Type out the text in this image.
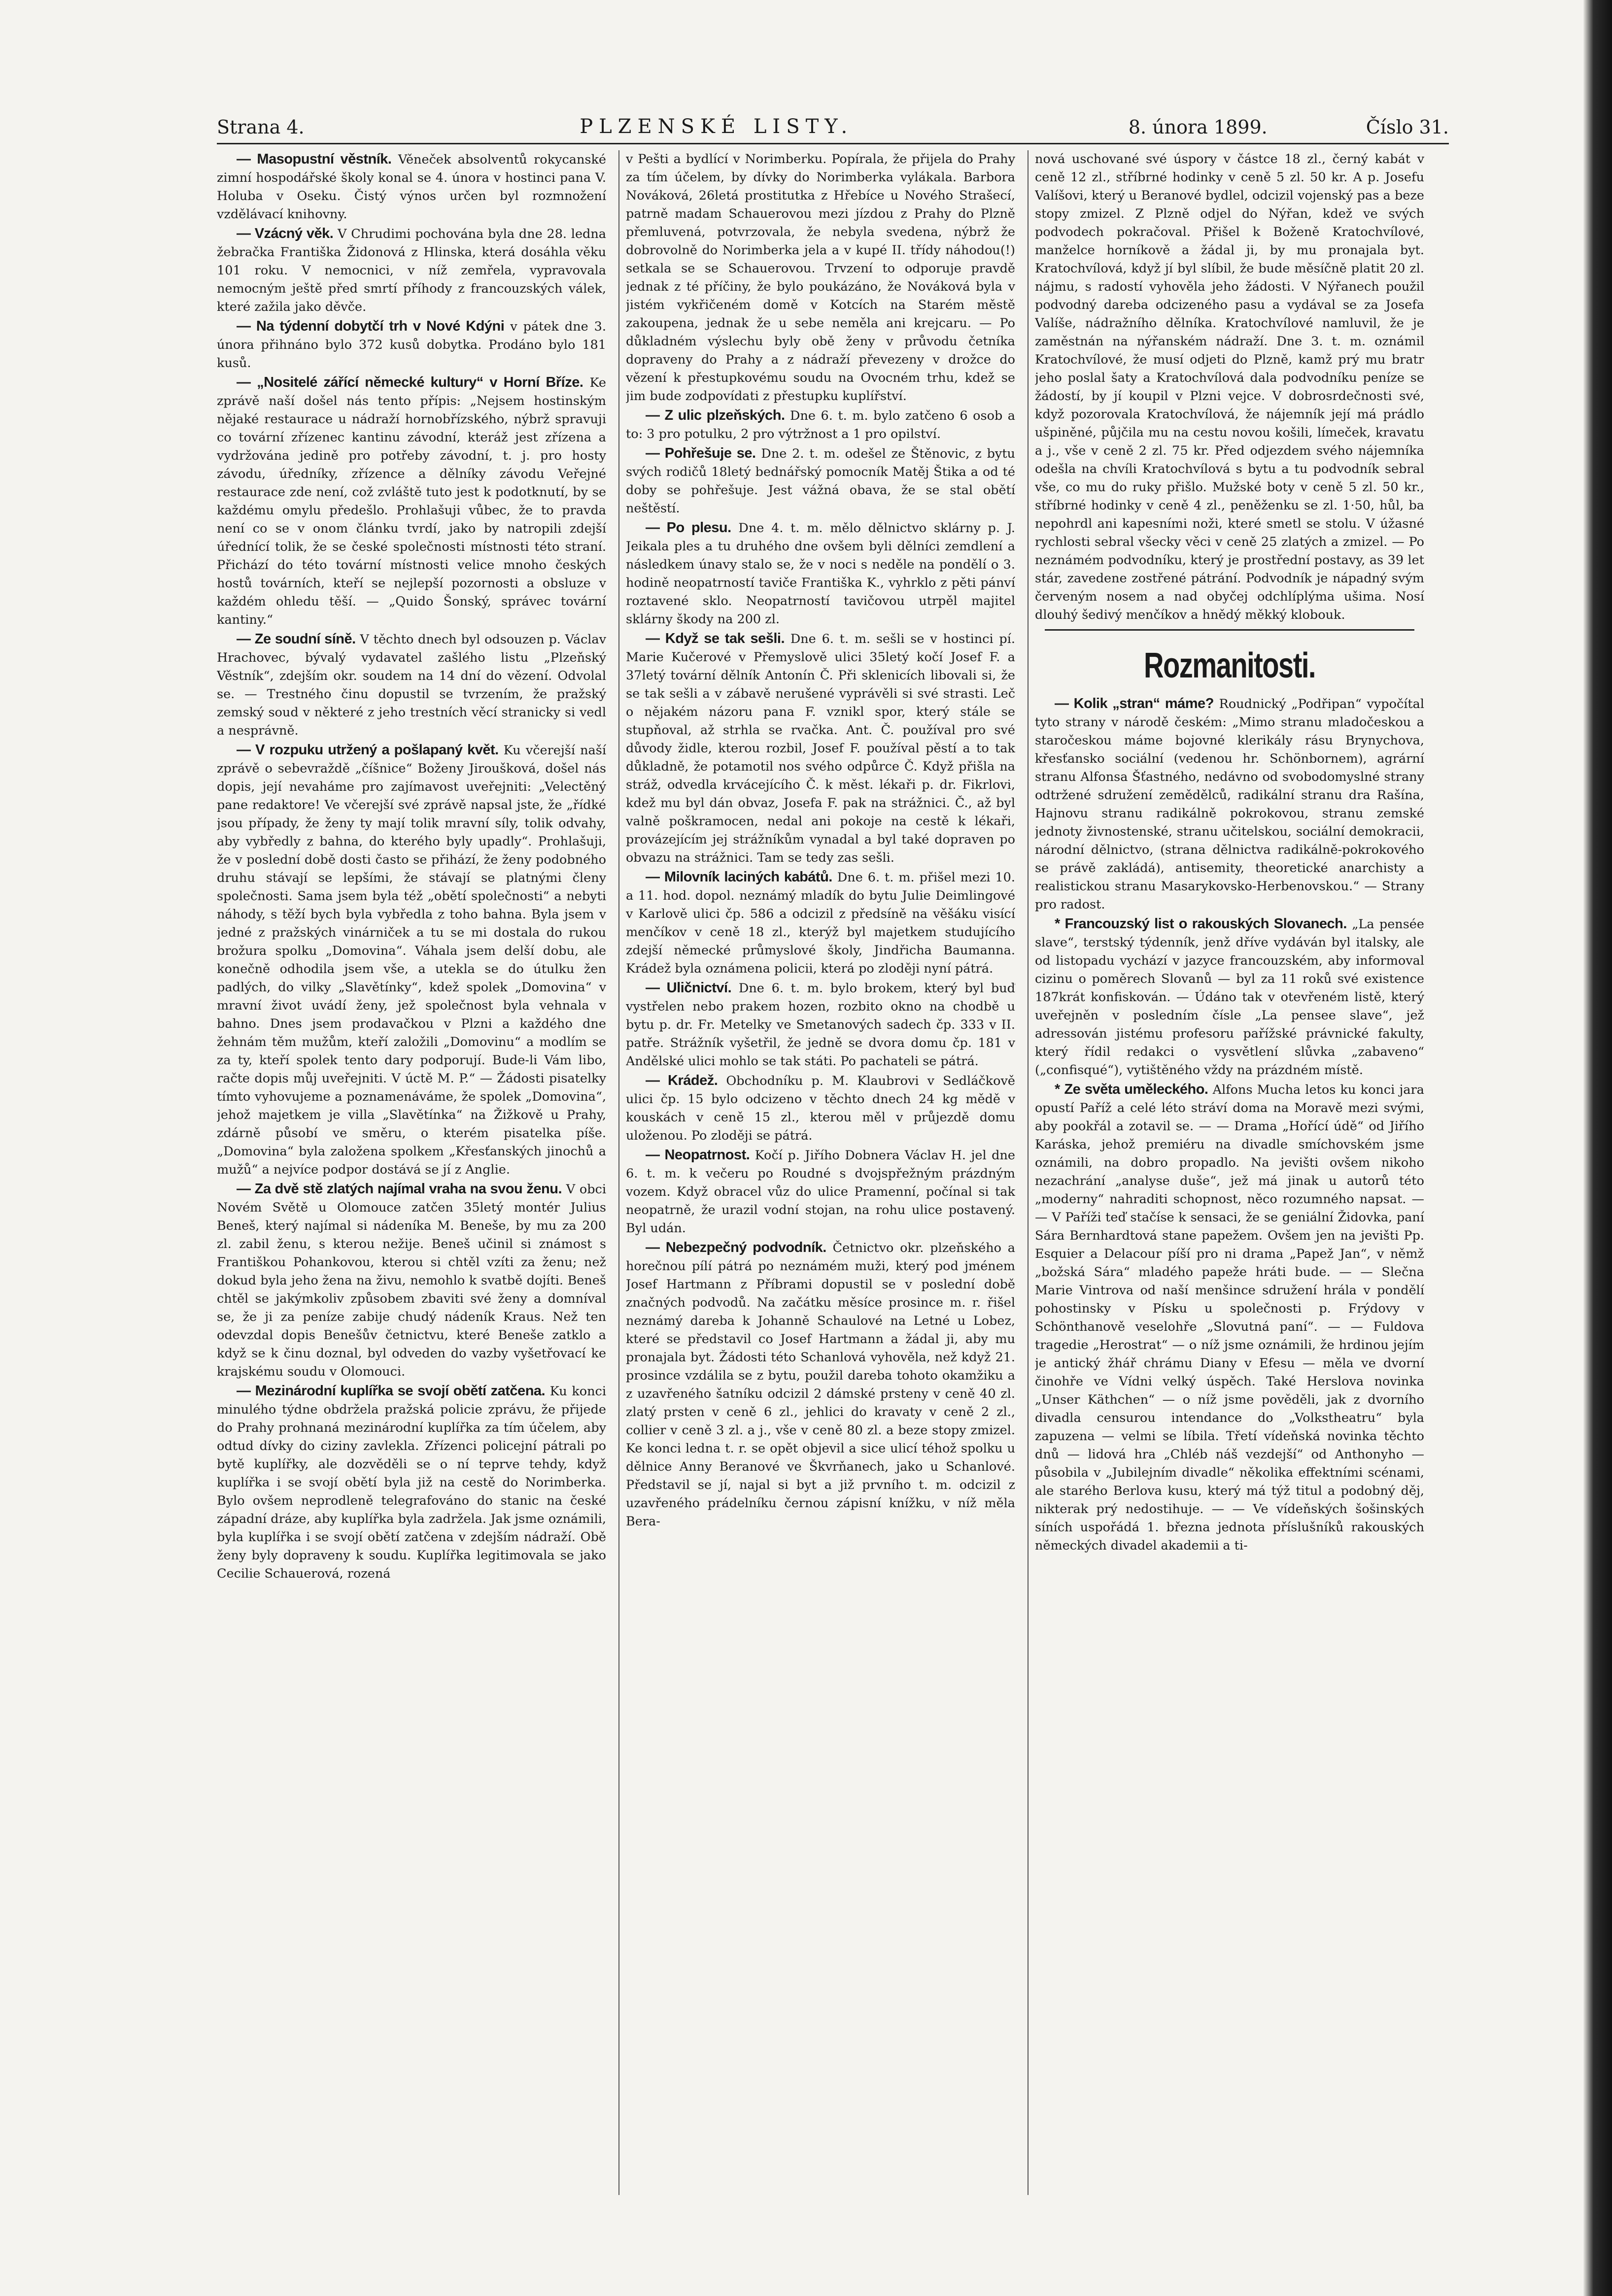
Strana 4.	PLZENSKÉ LISTY.	8. února 1899.	Číslo 31.

— Masopustní věstník. Věneček absolventů rokycanské zimní hospodářské školy konal se 4. února v hostinci pana V. Holuba v Oseku. Čistý výnos určen byl rozmnožení vzdělávací knihovny.

— Vzácný věk. V Chrudimi pochována byla dne 28. ledna žebračka Františka Židonová z Hlinska, která dosáhla věku 101 roku. V nemocnici, v níž zemřela, vypravovala nemocným ještě před smrtí příhody z francouzských válek, které zažila jako děvče.

— Na týdenní dobytčí trh v Nové Kdýni v pátek dne 3. února přihnáno bylo 372 kusů dobytka. Prodáno bylo 181 kusů.

— „Nositelé zářící německé kultury“ v Horní Bříze. Ke zprávě naší došel nás tento přípis: „Nejsem hostinským nějaké restaurace u nádraží hornobřízského, nýbrž spravuji co tovární zřízenec kantinu závodní, kteráž jest zřízena a vydržována jedině pro potřeby závodní, t. j. pro hosty závodu, úředníky, zřízence a dělníky závodu Veřejné restaurace zde není, což zvláště tuto jest k podotknutí, by se každému omylu předešlo. Prohlašuji vůbec, že to pravda není co se v onom článku tvrdí, jako by natropili zdejší úřednící tolik, že se české společnosti místnosti této straní. Přichází do této tovární místnosti velice mnoho českých hostů továrních, kteří se nejlepší pozornosti a obsluze v každém ohledu těší. — „Quido Šonský, správec tovární kantiny.“

— Ze soudní síně. V těchto dnech byl odsouzen p. Václav Hrachovec, bývalý vydavatel zašlého listu „Plzeňský Věstník“, zdejším okr. soudem na 14 dní do vězení. Odvolal se. — Trestného činu dopustil se tvrzením, že pražský zemský soud v některé z jeho trestních věcí stranicky si vedl a nesprávně.

— V rozpuku utržený a pošlapaný květ. Ku včerejší naší zprávě o sebevraždě „číšnice“ Boženy Jiroušková, došel nás dopis, její nevaháme pro zajímavost uveřejniti: „Velectěný pane redaktore! Ve včerejší své zprávě napsal jste, že „řídké jsou případy, že ženy ty mají tolik mravní síly, tolik odvahy, aby vybředly z bahna, do kterého byly upadly“. Prohlašuji, že v poslední době dosti často se přihází, že ženy podobného druhu stávají se lepšími, že stávají se platnými členy společnosti. Sama jsem byla též „obětí společnosti“ a nebyti náhody, s těží bych byla vybředla z toho bahna. Byla jsem v jedné z pražských vinárniček a tu se mi dostala do rukou brožura spolku „Domovina“. Váhala jsem delší dobu, ale konečně odhodila jsem vše, a utekla se do útulku žen padlých, do vilky „Slavětínky“, kdež spolek „Domovina“ v mravní život uvádí ženy, jež společnost byla vehnala v bahno. Dnes jsem prodavačkou v Plzni a každého dne žehnám těm mužům, kteří založili „Domovinu“ a modlím se za ty, kteří spolek tento dary podporují. Bude-li Vám libo, račte dopis můj uveřejniti. V úctě M. P.“ — Žádosti pisatelky tímto vyhovujeme a poznamenáváme, že spolek „Domovina“, jehož majetkem je villa „Slavětínka“ na Žižkově u Prahy, zdárně působí ve směru, o kterém pisatelka píše. „Domovina“ byla založena spolkem „Křesťanských jinochů a mužů“ a nejvíce podpor dostává se jí z Anglie.

— Za dvě stě zlatých najímal vraha na svou ženu. V obci Novém Světě u Olomouce zatčen 35letý montér Julius Beneš, který najímal si nádeníka M. Beneše, by mu za 200 zl. zabil ženu, s kterou nežije. Beneš učinil si známost s Františkou Pohankovou, kterou si chtěl vzíti za ženu; než dokud byla jeho žena na živu, nemohlo k svatbě dojíti. Beneš chtěl se jakýmkoliv způsobem zbaviti své ženy a domníval se, že ji za peníze zabije chudý nádeník Kraus. Než ten odevzdal dopis Benešův četnictvu, které Beneše zatklo a když se k činu doznal, byl odveden do vazby vyšetřovací ke krajskému soudu v Olomouci.

— Mezinárodní kuplířka se svojí obětí zatčena. Ku konci minulého týdne obdržela pražská policie zprávu, že přijede do Prahy prohnaná mezinárodní kuplířka za tím účelem, aby odtud dívky do ciziny zavlekla. Zřízenci policejní pátrali po bytě kuplířky, ale dozvěděli se o ní teprve tehdy, když kuplířka i se svojí obětí byla již na cestě do Norimberka. Bylo ovšem neprodleně telegrafováno do stanic na české západní dráze, aby kuplířka byla zadržela. Jak jsme oznámili, byla kuplířka i se svojí obětí zatčena v zdejším nádraží. Obě ženy byly dopraveny k soudu. Kuplířka legitimovala se jako Cecilie Schauerová, rozená

v Pešti a bydlící v Norimberku. Popírala, že přijela do Prahy za tím účelem, by dívky do Norimberka vylákala. Barbora Nováková, 26letá prostitutka z Hřebíce u Nového Strašecí, patrně madam Schauerovou mezi jízdou z Prahy do Plzně přemluvená, potvrzovala, že nebyla svedena, nýbrž že dobrovolně do Norimberka jela a v kupé II. třídy náhodou(!) setkala se se Schauerovou. Trvzení to odporuje pravdě jednak z té příčiny, že bylo poukázáno, že Nováková byla v jistém vykřičeném domě v Kotcích na Starém městě zakoupena, jednak že u sebe neměla ani krejcaru. — Po důkladném výslechu byly obě ženy v průvodu četníka dopraveny do Prahy a z nádraží převezeny v drožce do vězení k přestupkovému soudu na Ovocném trhu, kdež se jim bude zodpovídati z přestupku kuplířství.

— Z ulic plzeňských. Dne 6. t. m. bylo zatčeno 6 osob a to: 3 pro potulku, 2 pro výtržnost a 1 pro opilství.

— Pohřešuje se. Dne 2. t. m. odešel ze Štěnovic, z bytu svých rodičů 18letý bednářský pomocník Matěj Štika a od té doby se pohřešuje. Jest vážná obava, že se stal obětí neštěstí.

— Po plesu. Dne 4. t. m. mělo dělnictvo sklárny p. J. Jeikala ples a tu druhého dne ovšem byli dělníci zemdlení a následkem únavy stalo se, že v noci s neděle na pondělí o 3. hodině neopatrností taviče Františka K., vyhrklo z pěti pánví roztavené sklo. Neopatrností tavičovou utrpěl majitel sklárny škody na 200 zl.

— Když se tak sešli. Dne 6. t. m. sešli se v hostinci pí. Marie Kučerové v Přemyslově ulici 35letý kočí Josef F. a 37letý tovární dělník Antonín Č. Při sklenicích libovali si, že se tak sešli a v zábavě nerušené vyprávěli si své strasti. Leč o nějakém názoru pana F. vznikl spor, který stále se stupňoval, až strhla se rvačka. Ant. Č. používal pro své důvody židle, kterou rozbil, Josef F. používal pěstí a to tak důkladně, že potamotil nos svého odpůrce Č. Když přišla na stráž, odvedla krvácejícího Č. k měst. lékaři p. dr. Fikrlovi, kdež mu byl dán obvaz, Josefa F. pak na strážnici. Č., až byl valně poškramocen, nedal ani pokoje na cestě k lékaři, provázejícím jej strážníkům vynadal a byl také dopraven po obvazu na strážnici. Tam se tedy zas sešli.

— Milovník laciných kabátů. Dne 6. t. m. přišel mezi 10. a 11. hod. dopol. neznámý mladík do bytu Julie Deimlingové v Karlově ulici čp. 586 a odcizil z předsíně na věšáku visící menčíkov v ceně 18 zl., kterýž byl majetkem studujícího zdejší německé průmyslové školy, Jindřicha Baumanna. Krádež byla oznámena policii, která po zloději nyní pátrá.

— Uličnictví. Dne 6. t. m. bylo brokem, který byl buď vystřelen nebo prakem hozen, rozbito okno na chodbě u bytu p. dr. Fr. Metelky ve Smetanových sadech čp. 333 v II. patře. Strážník vyšetřil, že jedně se dvora domu čp. 181 v Andělské ulici mohlo se tak státi. Po pachateli se pátrá.

— Krádež. Obchodníku p. M. Klaubrovi v Sedláčkově ulici čp. 15 bylo odcizeno v těchto dnech 24 kg mědě v kouskách v ceně 15 zl., kterou měl v průjezdě domu uloženou. Po zloději se pátrá.

— Neopatrnost. Kočí p. Jiřího Dobnera Václav H. jel dne 6. t. m. k večeru po Roudné s dvojspřežným prázdným vozem. Když obracel vůz do ulice Pramenní, počínal si tak neopatrně, že urazil vodní stojan, na rohu ulice postavený. Byl udán.

— Nebezpečný podvodník. Četnictvo okr. plzeňského a horečnou pílí pátrá po neznámém muži, který pod jménem Josef Hartmann z Příbrami dopustil se v poslední době značných podvodů. Na začátku měsíce prosince m. r. řišel neznámý dareba k Johanně Schaulové na Letné u Lobez, které se představil co Josef Hartmann a žádal ji, aby mu pronajala byt. Žádosti této Schanlová vyhověla, než když 21. prosince vzdálila se z bytu, použil dareba tohoto okamžiku a z uzavřeného šatníku odcizil 2 dámské prsteny v ceně 40 zl. zlatý prsten v ceně 6 zl., jehlici do kravaty v ceně 2 zl., collier v ceně 3 zl. a j., vše v ceně 80 zl. a beze stopy zmizel. Ke konci ledna t. r. se opět objevil a sice ulicí téhož spolku u dělnice Anny Beranové ve Škvrňanech, jako u Schanlové. Představil se jí, najal si byt a již prvního t. m. odcizil z uzavřeného prádelníku černou zápisní knížku, v níž měla Bera-

nová uschované své úspory v částce 18 zl., černý kabát v ceně 12 zl., stříbrné hodinky v ceně 5 zl. 50 kr. A p. Josefu Valíšovi, který u Beranové bydlel, odcizil vojenský pas a beze stopy zmizel. Z Plzně odjel do Nýřan, kdež ve svých podvodech pokračoval. Přišel k Boženě Kratochvílové, manželce horníkově a žádal ji, by mu pronajala byt. Kratochvílová, když jí byl slíbil, že bude měsíčně platit 20 zl. nájmu, s radostí vyhověla jeho žádosti. V Nýřanech použil podvodný dareba odcizeného pasu a vydával se za Josefa Valíše, nádražního dělníka. Kratochvílové namluvil, že je zaměstnán na nýřanském nádraží. Dne 3. t. m. oznámil Kratochvílové, že musí odjeti do Plzně, kamž prý mu bratr jeho poslal šaty a Kratochvílová dala podvodníku peníze se žádostí, by jí koupil v Plzni vejce. V dobrosrdečnosti své, když pozorovala Kratochvílová, že nájemník její má prádlo ušpiněné, půjčila mu na cestu novou košili, límeček, kravatu a j., vše v ceně 2 zl. 75 kr. Před odjezdem svého nájemníka odešla na chvíli Kratochvílová s bytu a tu podvodník sebral vše, co mu do ruky přišlo. Mužské boty v ceně 5 zl. 50 kr., stříbrné hodinky v ceně 4 zl., peněženku se zl. 1·50, hůl, ba nepohrdl ani kapesními noži, které smetl se stolu. V úžasné rychlosti sebral všecky věci v ceně 25 zlatých a zmizel. — Po neznámém podvodníku, který je prostřední postavy, as 39 let stár, zavedene zostřené pátrání. Podvodník je nápadný svým červeným nosem a nad obyčej odchlíplýma ušima. Nosí dlouhý šedivý menčíkov a hnědý měkký klobouk.

Rozmanitosti.

— Kolik „stran“ máme? Roudnický „Podřipan“ vypočítal tyto strany v národě českém: „Mimo stranu mladočeskou a staročeskou máme bojovné klerikály rásu Brynychova, křesťansko sociální (vedenou hr. Schönbornem), agrární stranu Alfonsa Šťastného, nedávno od svobodomyslné strany odtržené sdružení zemědělců, radikální stranu dra Rašína, Hajnovu stranu radikálně pokrokovou, stranu zemské jednoty živnostenské, stranu učitelskou, sociální demokracii, národní dělnictvo, (strana dělnictva radikálně-pokrokového se právě zakládá), antisemity, theoretické anarchisty a realistickou stranu Masarykovsko-Herbenovskou.“ — Strany pro radost.

* Francouzský list o rakouských Slovanech. „La pensée slave“, terstský týdenník, jenž dříve vydáván byl italsky, ale od listopadu vychází v jazyce francouzském, aby informoval cizinu o poměrech Slovanů — byl za 11 roků své existence 187krát konfiskován. — Údáno tak v otevřeném listě, který uveřejněn v posledním čísle „La pensee slave“, jež adressován jistému profesoru pařížské právnické fakulty, který řídil redakci o vysvětlení slůvka „zabaveno“ („confisqué“), vytištěného vždy na prázdném místě.

* Ze světa uměleckého. Alfons Mucha letos ku konci jara opustí Paříž a celé léto stráví doma na Moravě mezi svými, aby pookřál a zotavil se. — — Drama „Hořící údě“ od Jiřího Karáska, jehož premiéru na divadle smíchovském jsme oznámili, na dobro propadlo. Na jevišti ovšem nikoho nezachrání „analyse duše“, jež má jinak u autorů této „moderny“ nahraditi schopnost, něco rozumného napsat. — — V Paříži teď stačíse k sensaci, že se geniální Židovka, paní Sára Bernhardtová stane papežem. Ovšem jen na jevišti Pp. Esquier a Delacour píší pro ni drama „Papež Jan“, v němž „božská Sára“ mladého papeže hráti bude. — — Slečna Marie Vintrova od naší menšince sdružení hrála v pondělí pohostinsky v Písku u společnosti p. Frýdovy v Schönthanově veselohře „Slovutná paní“. — — Fuldova tragedie „Herostrat“ — o níž jsme oznámili, že hrdinou jejím je antický žhář chrámu Diany v Efesu — měla ve dvorní činohře ve Vídni velký úspěch. Také Herslova novinka „Unser Käthchen“ — o níž jsme pověděli, jak z dvorního divadla censurou intendance do „Volkstheatru“ byla zapuzena — velmi se líbila. Třetí vídeňská novinka těchto dnů — lidová hra „Chléb náš vezdejší“ od Anthonyho — působila v „Jubilejním divadle“ několika effektními scénami, ale starého Berlova kusu, který má týž titul a podobný děj, nikterak prý nedostihuje. — — Ve vídeňských šošinských síních uspořádá 1. března jednota příslušníků rakouských německých divadel akademii a ti-
